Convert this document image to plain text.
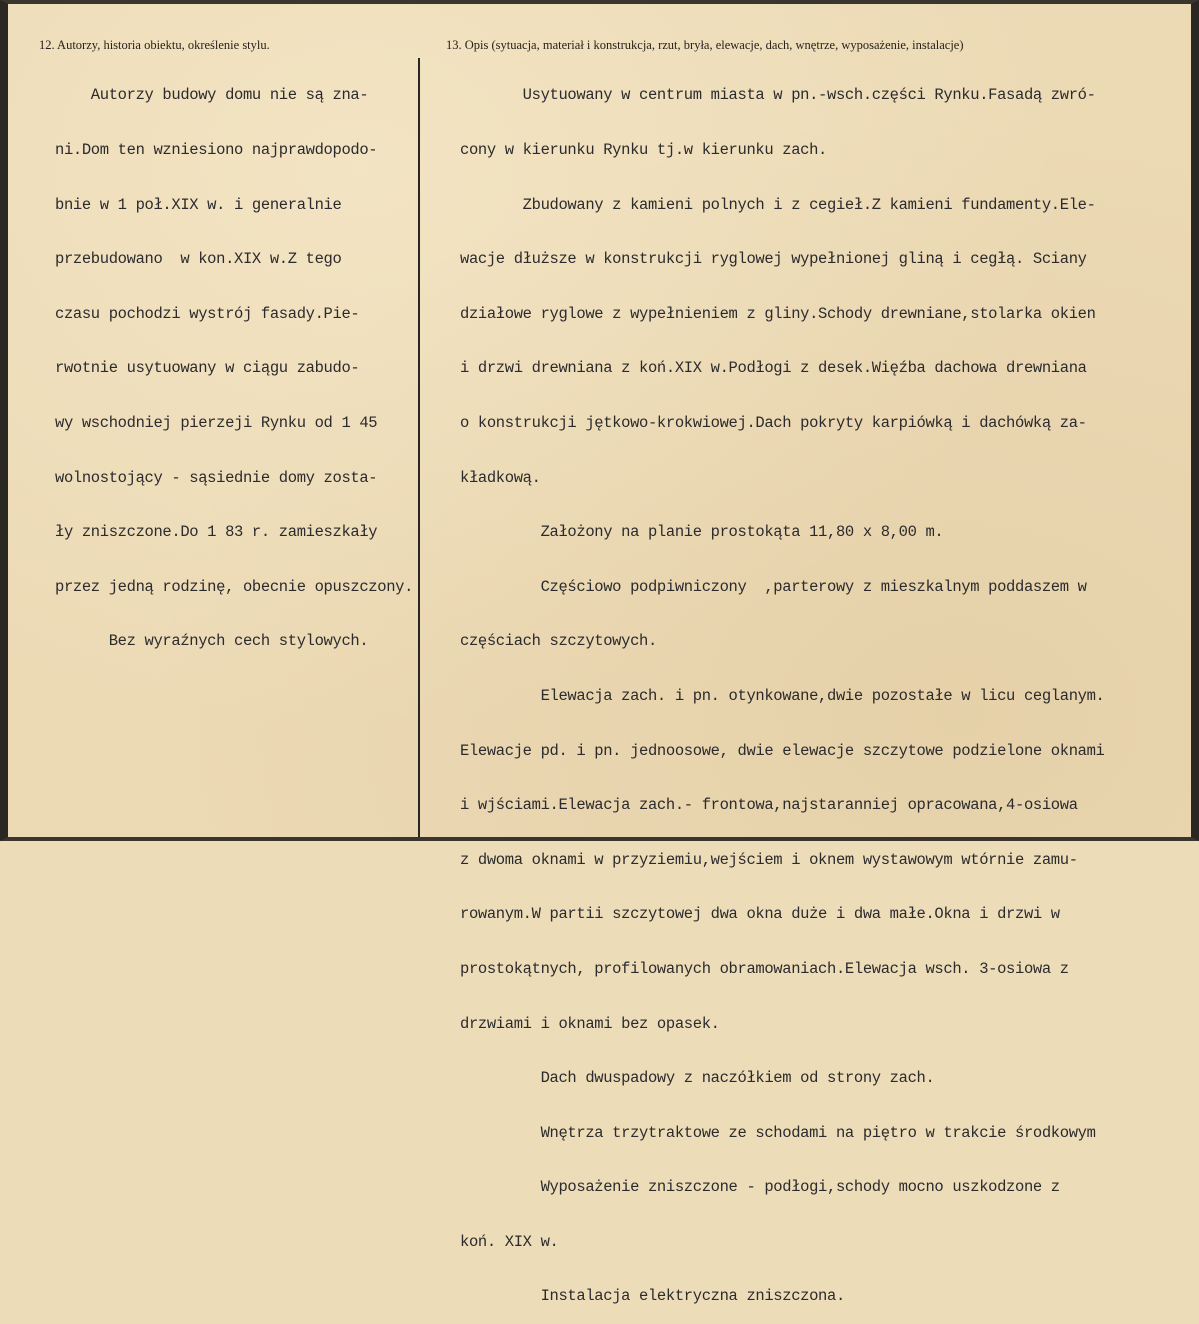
12. Autorzy, historia obiektu, określenie stylu.	13. Opis (sytuacja, materiał i konstrukcja, rzut, bryła, elewacje, dach, wnętrze, wyposażenie, instalacje)

Autorzy budowy domu nie są zna-

ni.Dom ten wzniesiono najprawdopodo-

bnie w 1 poł.XIX w. i generalnie

przebudowano  w kon.XIX w.Z tego

czasu pochodzi wystrój fasady.Pie-

rwotnie usytuowany w ciągu zabudo-

wy wschodniej pierzeji Rynku od 1 45

wolnostojący - sąsiednie domy zosta-

ły zniszczone.Do 1 83 r. zamieszkały

przez jedną rodzinę, obecnie opuszczony.

Bez wyraźnych cech stylowych.

Usytuowany w centrum miasta w pn.-wsch.części Rynku.Fasadą zwró-

cony w kierunku Rynku tj.w kierunku zach.

Zbudowany z kamieni polnych i z cegieł.Z kamieni fundamenty.Ele-

wacje dłuższe w konstrukcji ryglowej wypełnionej gliną i cegłą. Sciany

działowe ryglowe z wypełnieniem z gliny.Schody drewniane,stolarka okien

i drzwi drewniana z koń.XIX w.Podłogi z desek.Więźba dachowa drewniana

o konstrukcji jętkowo-krokwiowej.Dach pokryty karpiówką i dachówką za-

kładkową.

Założony na planie prostokąta 11,80 x 8,00 m.

Częściowo podpiwniczony  ,parterowy z mieszkalnym poddaszem w

częściach szczytowych.

Elewacja zach. i pn. otynkowane,dwie pozostałe w licu ceglanym.

Elewacje pd. i pn. jednoosowe, dwie elewacje szczytowe podzielone oknami

i wjściami.Elewacja zach.- frontowa,najstaranniej opracowana,4-osiowa

z dwoma oknami w przyziemiu,wejściem i oknem wystawowym wtórnie zamu-

rowanym.W partii szczytowej dwa okna duże i dwa małe.Okna i drzwi w

prostokątnych, profilowanych obramowaniach.Elewacja wsch. 3-osiowa z

drzwiami i oknami bez opasek.

Dach dwuspadowy z naczółkiem od strony zach.

Wnętrza trzytraktowe ze schodami na piętro w trakcie środkowym

Wyposażenie zniszczone - podłogi,schody mocno uszkodzone z

koń. XIX w.

Instalacja elektryczna zniszczona.
